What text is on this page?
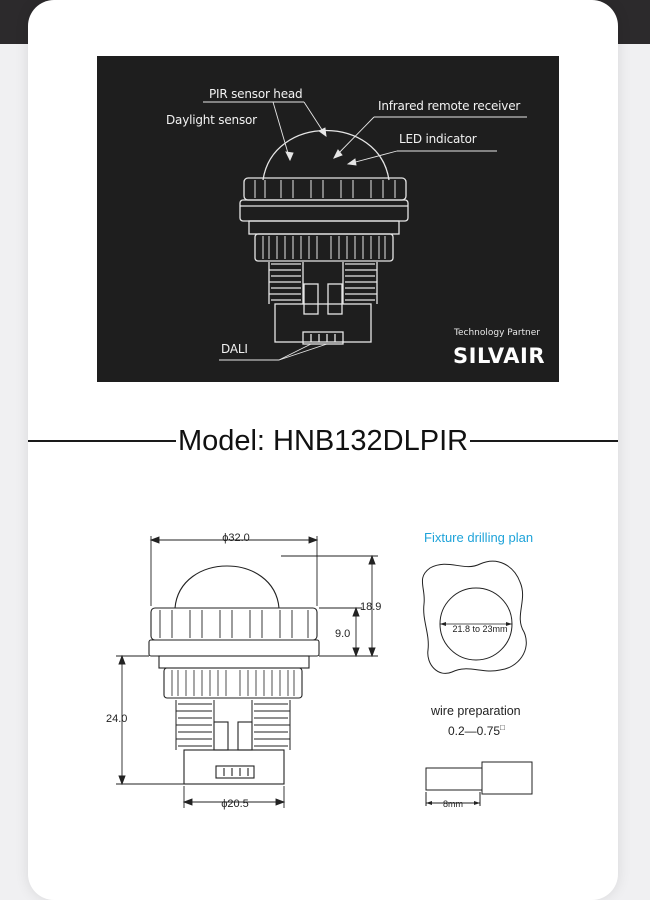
PIR sensor head
Daylight sensor
Infrared remote receiver
LED indicator
DALI
Technology Partner
SILVAIR
Model: HNB132DLPIR
ϕ32.0
18.9
9.0
24.0
ϕ20.5
21.8 to 23mm
8mm
Fixture drilling plan
wire preparation
0.2—0.75□
